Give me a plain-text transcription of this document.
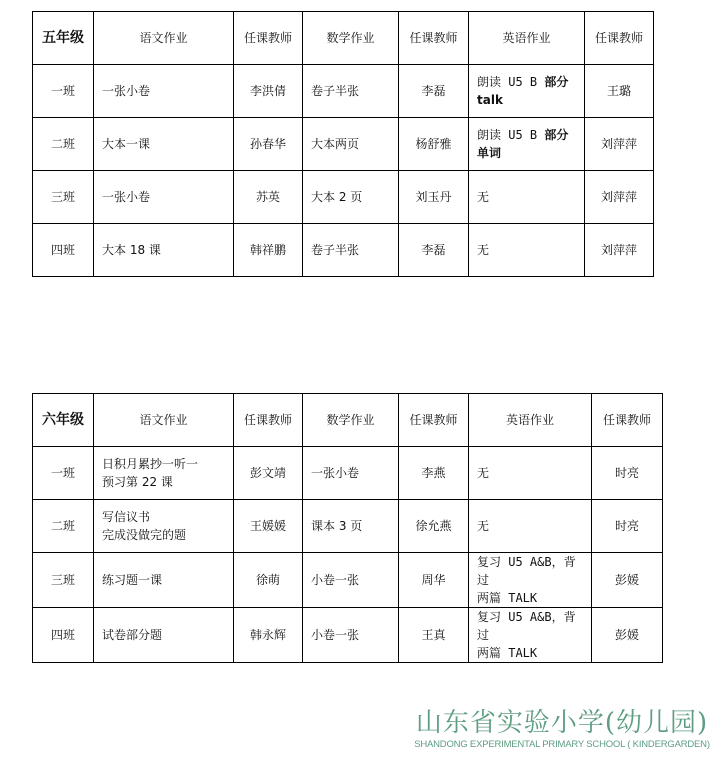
五年级	语文作业	任课教师	数学作业	任课教师	英语作业	任课教师
一班	一张小卷	李洪倩	卷子半张	李磊	朗读 U5 B 部分talk	王璐
二班	大本一课	孙春华	大本两页	杨舒雅	朗读 U5 B 部分单词	刘萍萍
三班	一张小卷	苏英	大本 2 页	刘玉丹	无	刘萍萍
四班	大本 18 课	韩祥鹏	卷子半张	李磊	无	刘萍萍
六年级	语文作业	任课教师	数学作业	任课教师	英语作业	任课教师
一班	日积月累抄一听一
预习第 22 课	彭文靖	一张小卷	李燕	无	时亮
二班	写信议书
完成没做完的题	王媛媛	课本 3 页	徐允燕	无	时亮
三班	练习题一课	徐萌	小卷一张	周华	复习 U5 A&B，背过
两篇 TALK	彭媛
四班	试卷部分题	韩永辉	小卷一张	王真	复习 U5 A&B，背过
两篇 TALK	彭媛
山东省实验小学(幼儿园)
SHANDONG EXPERIMENTAL PRIMARY SCHOOL ( KINDERGARDEN)
